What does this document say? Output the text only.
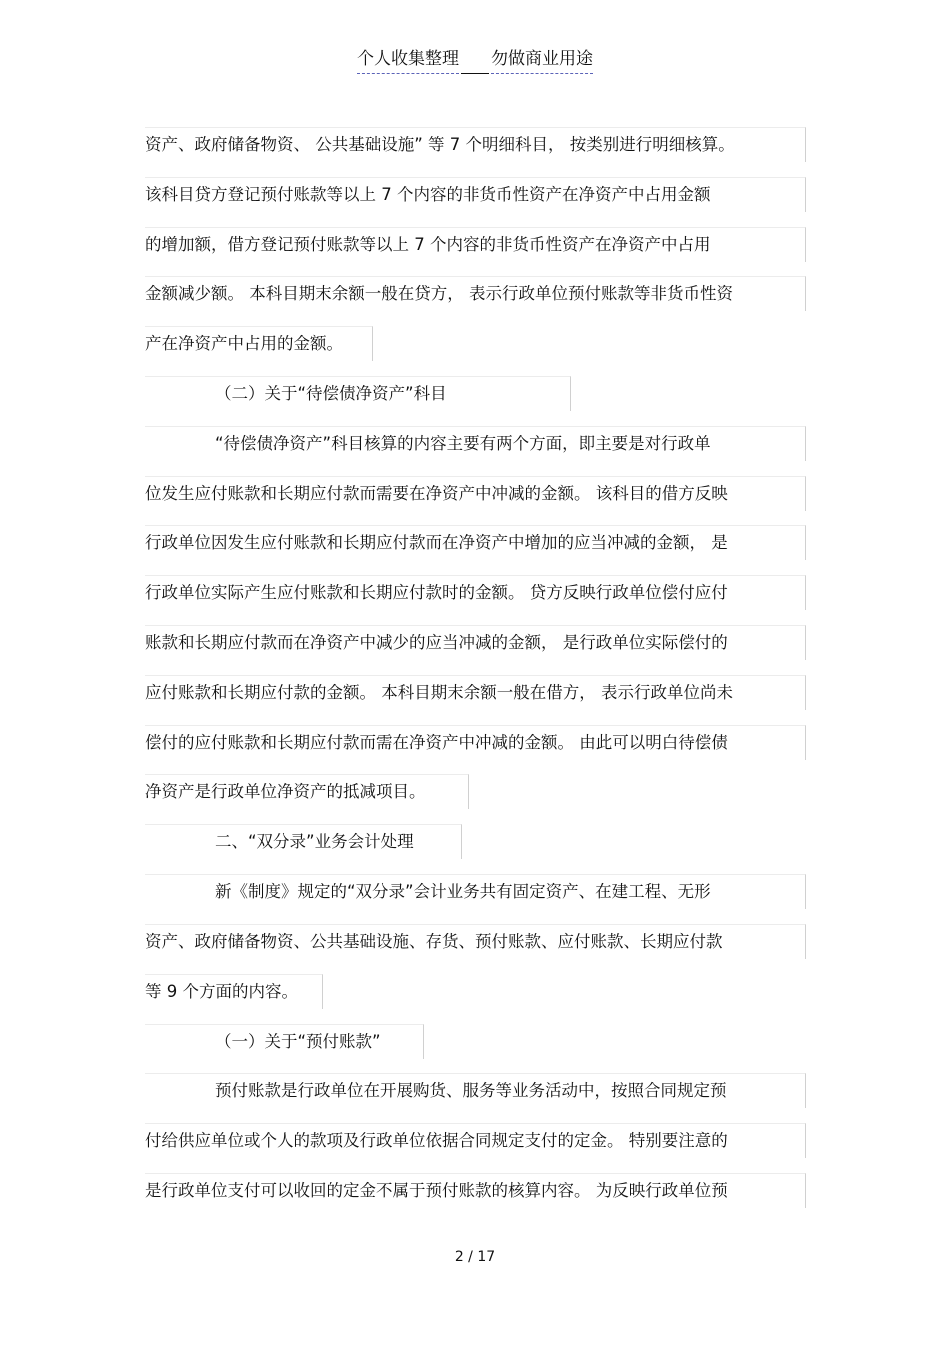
个人收集整理 勿做商业用途
资产、政府储备物资、 公共基础设施” 等 7 个明细科目， 按类别进行明细核算。
该科目贷方登记预付账款等以上 7 个内容的非货币性资产在净资产中占用金额
的增加额，借方登记预付账款等以上 7 个内容的非货币性资产在净资产中占用
金额减少额。 本科目期末余额一般在贷方， 表示行政单位预付账款等非货币性资
产在净资产中占用的金额。
（二）关于“待偿债净资产”科目
“待偿债净资产”科目核算的内容主要有两个方面，即主要是对行政单
位发生应付账款和长期应付款而需要在净资产中冲减的金额。 该科目的借方反映
行政单位因发生应付账款和长期应付款而在净资产中增加的应当冲减的金额， 是
行政单位实际产生应付账款和长期应付款时的金额。 贷方反映行政单位偿付应付
账款和长期应付款而在净资产中减少的应当冲减的金额， 是行政单位实际偿付的
应付账款和长期应付款的金额。 本科目期末余额一般在借方， 表示行政单位尚未
偿付的应付账款和长期应付款而需在净资产中冲减的金额。 由此可以明白待偿债
净资产是行政单位净资产的抵减项目。
二、“双分录”业务会计处理
新《制度》规定的“双分录”会计业务共有固定资产、在建工程、无形
资产、政府储备物资、公共基础设施、存货、预付账款、应付账款、长期应付款
等 9 个方面的内容。
（一）关于“预付账款”
预付账款是行政单位在开展购货、服务等业务活动中，按照合同规定预
付给供应单位或个人的款项及行政单位依据合同规定支付的定金。 特别要注意的
是行政单位支付可以收回的定金不属于预付账款的核算内容。 为反映行政单位预
2 / 17
